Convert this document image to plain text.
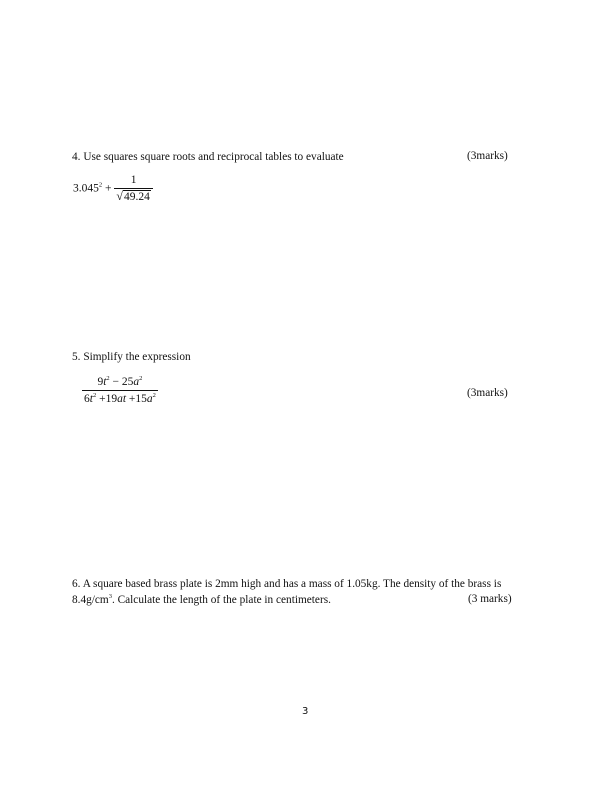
4. Use squares square roots and reciprocal tables to evaluate	(3marks)
$3.045^2$ +
1
√49.24
5. Simplify the expression
$\frac{9t^2 - 25a^2}{6t^2 +19at +15a^2}$	(3marks)
6. A square based brass plate is 2mm high and has a mass of 1.05kg. The density of the brass is
$8.4g/cm^3$. Calculate the length of the plate in centimeters.	(3 marks)
3
